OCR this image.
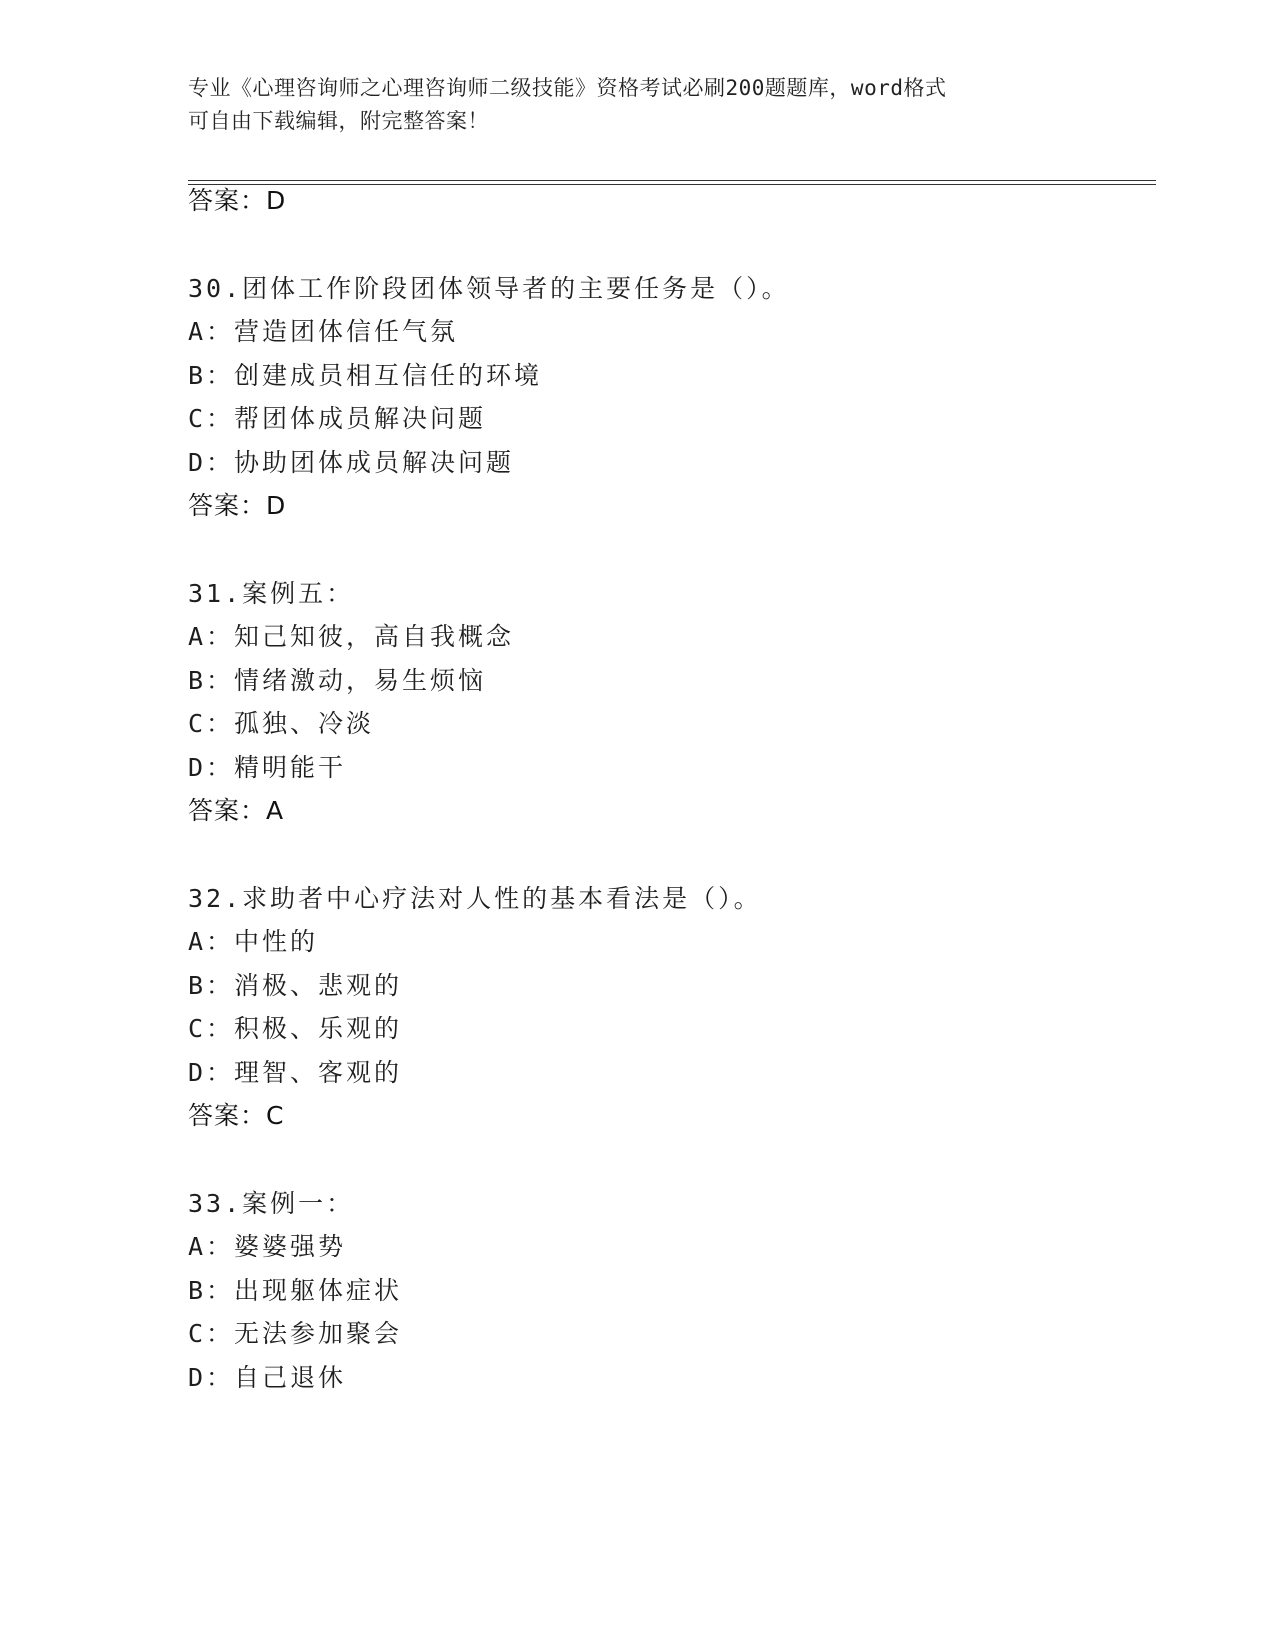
专业《心理咨询师之心理咨询师二级技能》资格考试必刷200题题库，word格式
可自由下载编辑，附完整答案！
答案：D
30.团体工作阶段团体领导者的主要任务是（）。
A：营造团体信任气氛
B：创建成员相互信任的环境
C：帮团体成员解决问题
D：协助团体成员解决问题
答案：D
31.案例五：
A：知己知彼，高自我概念
B：情绪激动，易生烦恼
C：孤独、冷淡
D：精明能干
答案：A
32.求助者中心疗法对人性的基本看法是（）。
A：中性的
B：消极、悲观的
C：积极、乐观的
D：理智、客观的
答案：C
33.案例一：
A：婆婆强势
B：出现躯体症状
C：无法参加聚会
D：自己退休
